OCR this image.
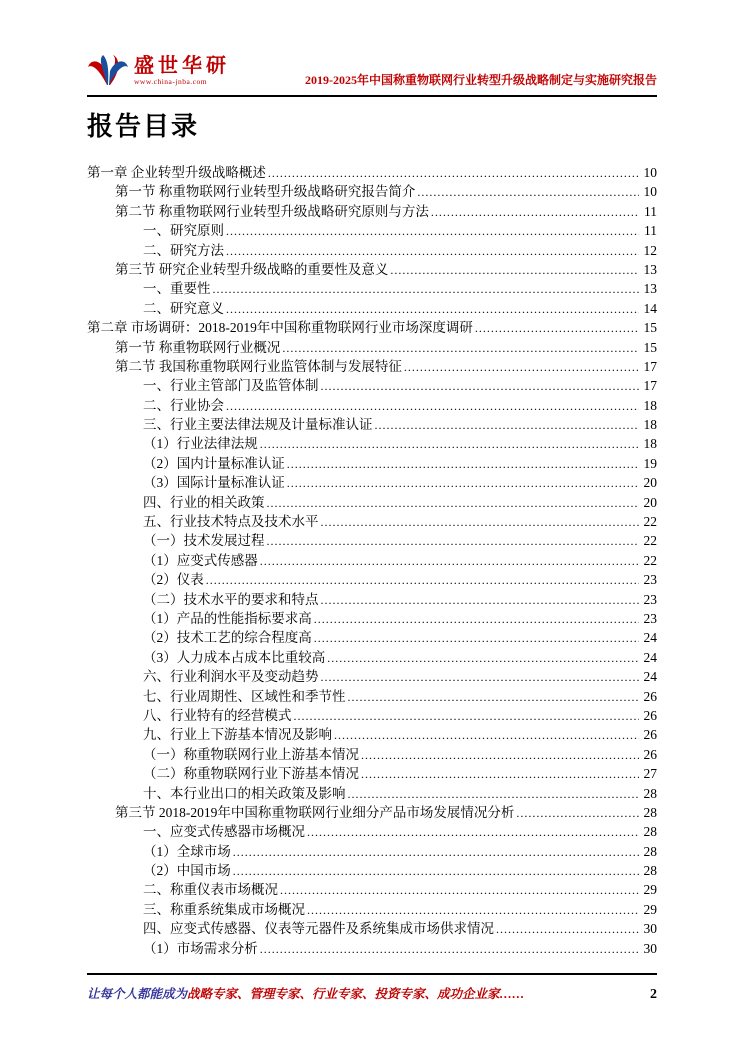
盛世华研
www.china-jnba.com	2019-2025年中国称重物联网行业转型升级战略制定与实施研究报告
报告目录
第一章 企业转型升级战略概述 .....	10
第一节 称重物联网行业转型升级战略研究报告简介 .....	10
第二节 称重物联网行业转型升级战略研究原则与方法 .....	11
一、研究原则 .....	11
二、研究方法 .....	12
第三节 研究企业转型升级战略的重要性及意义 .....	13
一、重要性 .....	13
二、研究意义 .....	14
第二章 市场调研：2018-2019年中国称重物联网行业市场深度调研 .....	15
第一节 称重物联网行业概况 .....	15
第二节 我国称重物联网行业监管体制与发展特征 .....	17
一、行业主管部门及监管体制 .....	17
二、行业协会 .....	18
三、行业主要法律法规及计量标准认证 .....	18
（1）行业法律法规 .....	18
（2）国内计量标准认证 .....	19
（3）国际计量标准认证 .....	20
四、行业的相关政策 .....	20
五、行业技术特点及技术水平 .....	22
（一）技术发展过程 .....	22
（1）应变式传感器 .....	22
（2）仪表 .....	23
（二）技术水平的要求和特点 .....	23
（1）产品的性能指标要求高 .....	23
（2）技术工艺的综合程度高 .....	24
（3）人力成本占成本比重较高 .....	24
六、行业利润水平及变动趋势 .....	24
七、行业周期性、区域性和季节性 .....	26
八、行业特有的经营模式 .....	26
九、行业上下游基本情况及影响 .....	26
（一）称重物联网行业上游基本情况 .....	26
（二）称重物联网行业下游基本情况 .....	27
十、本行业出口的相关政策及影响 .....	28
第三节 2018-2019年中国称重物联网行业细分产品市场发展情况分析 .....	28
一、应变式传感器市场概况 .....	28
（1）全球市场 .....	28
（2）中国市场 .....	28
二、称重仪表市场概况 .....	29
三、称重系统集成市场概况 .....	29
四、应变式传感器、仪表等元器件及系统集成市场供求情况 .....	30
（1）市场需求分析 .....	30
让每个人都能成为战略专家、管理专家、行业专家、投资专家、成功企业家……	2
